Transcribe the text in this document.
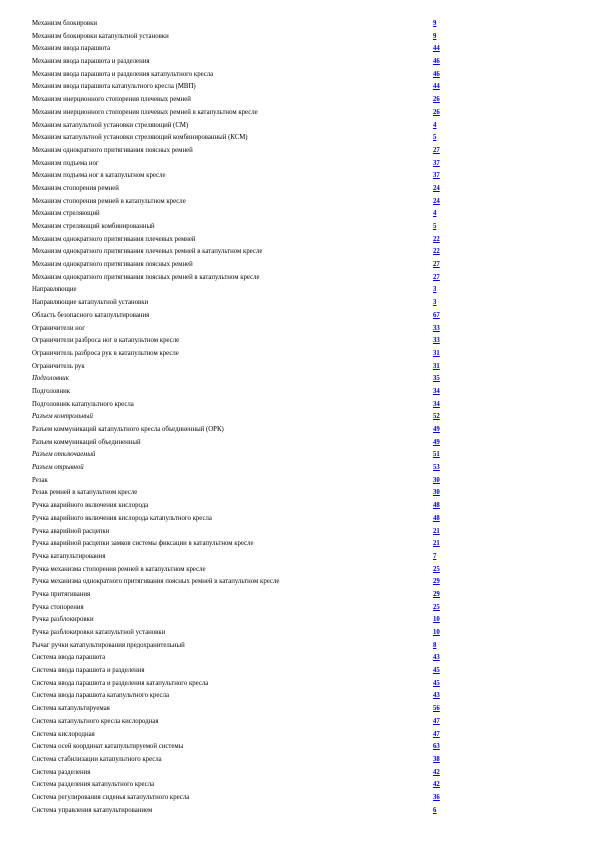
Механизм блокировки	9
Механизм блокировки катапультной установки	9
Механизм ввода парашюта	44
Механизм ввода парашюта и разделения	46
Механизм ввода парашюта и разделения катапультного кресла	46
Механизм ввода парашюта катапультного кресла (МВП)	44
Механизм инерционного стопорения плечевых ремней	26
Механизм инерционного стопорения плечевых ремней в катапультном кресле	26
Механизм катапультной установки стреляющий (СМ)	4
Механизм катапультной установки стреляющий комбинированный (КСМ)	5
Механизм однократного притягивания поясных ремней	27
Механизм подъема ног	37
Механизм подъема ног в катапультном кресле	37
Механизм стопорения ремней	24
Механизм стопорения ремней в катапультном кресле	24
Механизм стреляющий	4
Механизм стреляющий комбинированный	5
Механизм однократного притягивания плечевых ремней	22
Механизм однократного притягивания плечевых ремней в катапультном кресле	22
Механизм однократного притягивания поясных ремней	27
Механизм однократного притягивания поясных ремней в катапультном кресле	27
Направляющие	3
Направляющие катапультной установки	3
Область безопасного катапультирования	67
Ограничители ног	33
Ограничители разброса ног в катапультном кресле	33
Ограничитель разброса рук в катапультном кресле	31
Ограничитель рук	31
Подголовник	35
Подголовник	34
Подголовник катапультного кресла	34
Разъем контрольный	52
Разъем коммуникаций катапультного кресла объединенный (ОРК)	49
Разъем коммуникаций объединенный	49
Разъем отключаемый	51
Разъем отрывной	53
Резак	30
Резак ремней в катапультном кресле	30
Ручка аварийного включения кислорода	48
Ручка аварийного включения кислорода катапультного кресла	48
Ручка аварийной расцепки	21
Ручка аварийной расцепки замков системы фиксации в катапультном кресле	21
Ручка катапультирования	7
Ручка механизма стопорения ремней в катапультном кресле	25
Ручка механизма однократного притягивания поясных ремней в катапультном кресле	29
Ручка притягивания	29
Ручка стопорения	25
Ручка разблокировки	10
Ручка разблокировки катапультной установки	10
Рычаг ручки катапультирования предохранительный	8
Система ввода парашюта	43
Система ввода парашюта и разделения	45
Система ввода парашюта и разделения катапультного кресла	45
Система ввода парашюта катапультного кресла	43
Система катапультируемая	56
Система катапультного кресла кислородная	47
Система кислородная	47
Система осей координат катапультируемой системы	63
Система стабилизации катапультного кресла	38
Система разделения	42
Система разделения катапультного кресла	42
Система регулирования сиденья катапультного кресла	36
Система управления катапультированием	6
